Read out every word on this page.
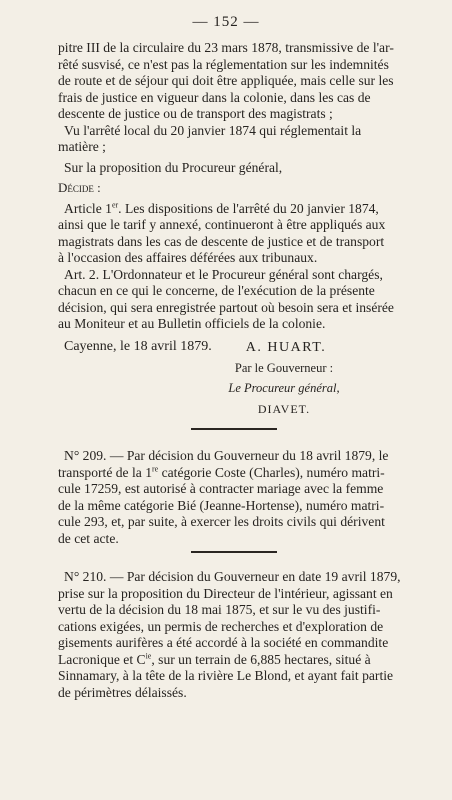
— 152 —

pitre III de la circulaire du 23 mars 1878, transmissive de l'ar-

rêté susvisé, ce n'est pas la réglementation sur les indemnités

de route et de séjour qui doit être appliquée, mais celle sur les

frais de justice en vigueur dans la colonie, dans les cas de

descente de justice ou de transport des magistrats ;

Vu l'arrêté local du 20 janvier 1874 qui réglementait la

matière ;

Sur la proposition du Procureur général,

Décide :

Article 1er. Les dispositions de l'arrêté du 20 janvier 1874,

ainsi que le tarif y annexé, continueront à être appliqués aux

magistrats dans les cas de descente de justice et de transport

à l'occasion des affaires déférées aux tribunaux.

Art. 2. L'Ordonnateur et le Procureur général sont chargés,

chacun en ce qui le concerne, de l'exécution de la présente

décision, qui sera enregistrée partout où besoin sera et insérée

au Moniteur et au Bulletin officiels de la colonie.

Cayenne, le 18 avril 1879.	A. HUART.
Par le Gouverneur :
Le Procureur général,
DIAVET.

N° 209. — Par décision du Gouverneur du 18 avril 1879, le

transporté de la 1re catégorie Coste (Charles), numéro matri-

cule 17259, est autorisé à contracter mariage avec la femme

de la même catégorie Bié (Jeanne-Hortense), numéro matri-

cule 293, et, par suite, à exercer les droits civils qui dérivent

de cet acte.

N° 210. — Par décision du Gouverneur en date 19 avril 1879,

prise sur la proposition du Directeur de l'intérieur, agissant en

vertu de la décision du 18 mai 1875, et sur le vu des justifi-

cations exigées, un permis de recherches et d'exploration de

gisements aurifères a été accordé à la société en commandite

Lacronique et $C^{ie}$, sur un terrain de 6,885 hectares, situé à

Sinnamary, à la tête de la rivière Le Blond, et ayant fait partie

de périmètres délaissés.
